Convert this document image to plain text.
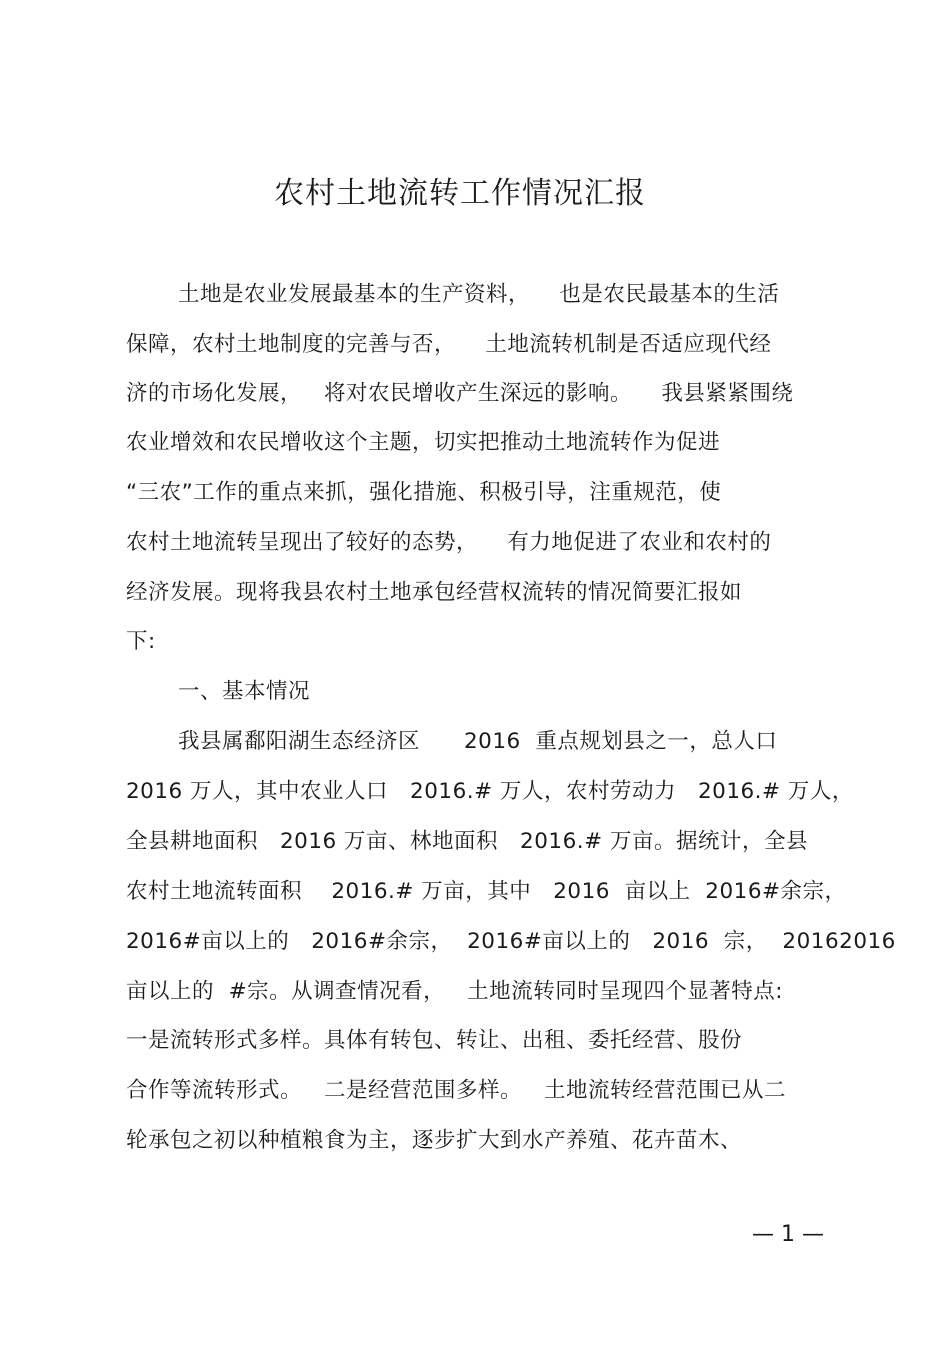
农村土地流转工作情况汇报
土地是农业发展最基本的生产资料，    也是农民最基本的生活
保障，农村土地制度的完善与否，    土地流转机制是否适应现代经
济的市场化发展，   将对农民增收产生深远的影响。    我县紧紧围绕
农业增效和农民增收这个主题，切实把推动土地流转作为促进
“三农”工作的重点来抓，强化措施、积极引导，注重规范，使
农村土地流转呈现出了较好的态势，    有力地促进了农业和农村的
经济发展。现将我县农村土地承包经营权流转的情况简要汇报如
下:
一、基本情况
我县属鄱阳湖生态经济区      2016  重点规划县之一，总人口
2016 万人，其中农业人口   2016.# 万人，农村劳动力   2016.# 万人，
全县耕地面积   2016 万亩、林地面积   2016.# 万亩。据统计，全县
农村土地流转面积    2016.# 万亩，其中   2016  亩以上  2016#余宗，
2016#亩以上的   2016#余宗，  2016#亩以上的   2016  宗，  20162016
亩以上的  #宗。从调查情况看，   土地流转同时呈现四个显著特点:
一是流转形式多样。具体有转包、转让、出租、委托经营、股份
合作等流转形式。   二是经营范围多样。   土地流转经营范围已从二
轮承包之初以种植粮食为主，逐步扩大到水产养殖、花卉苗木、
— 1 —
